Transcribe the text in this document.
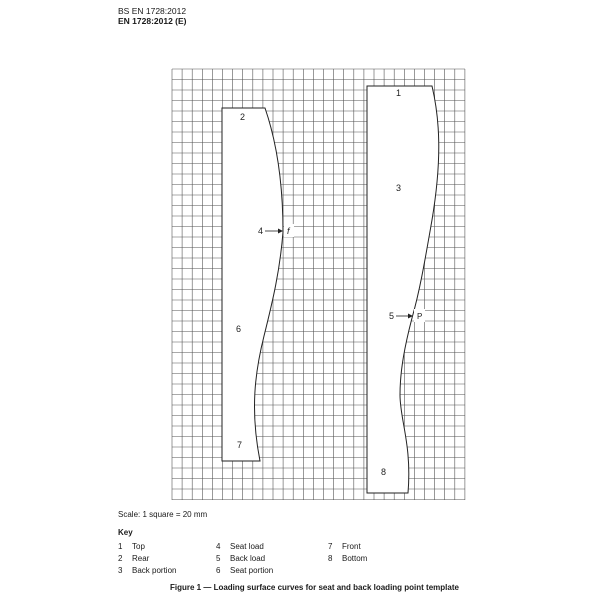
BS EN 1728:2012
EN 1728:2012 (E)
2
4	f
6
7
1
3
5	P
8
Scale: 1 square = 20 mm
Key
1 Top
2 Rear
3 Back portion
4 Seat load
5 Back load
6 Seat portion
7 Front
8 Bottom
Figure 1 — Loading surface curves for seat and back loading point template
